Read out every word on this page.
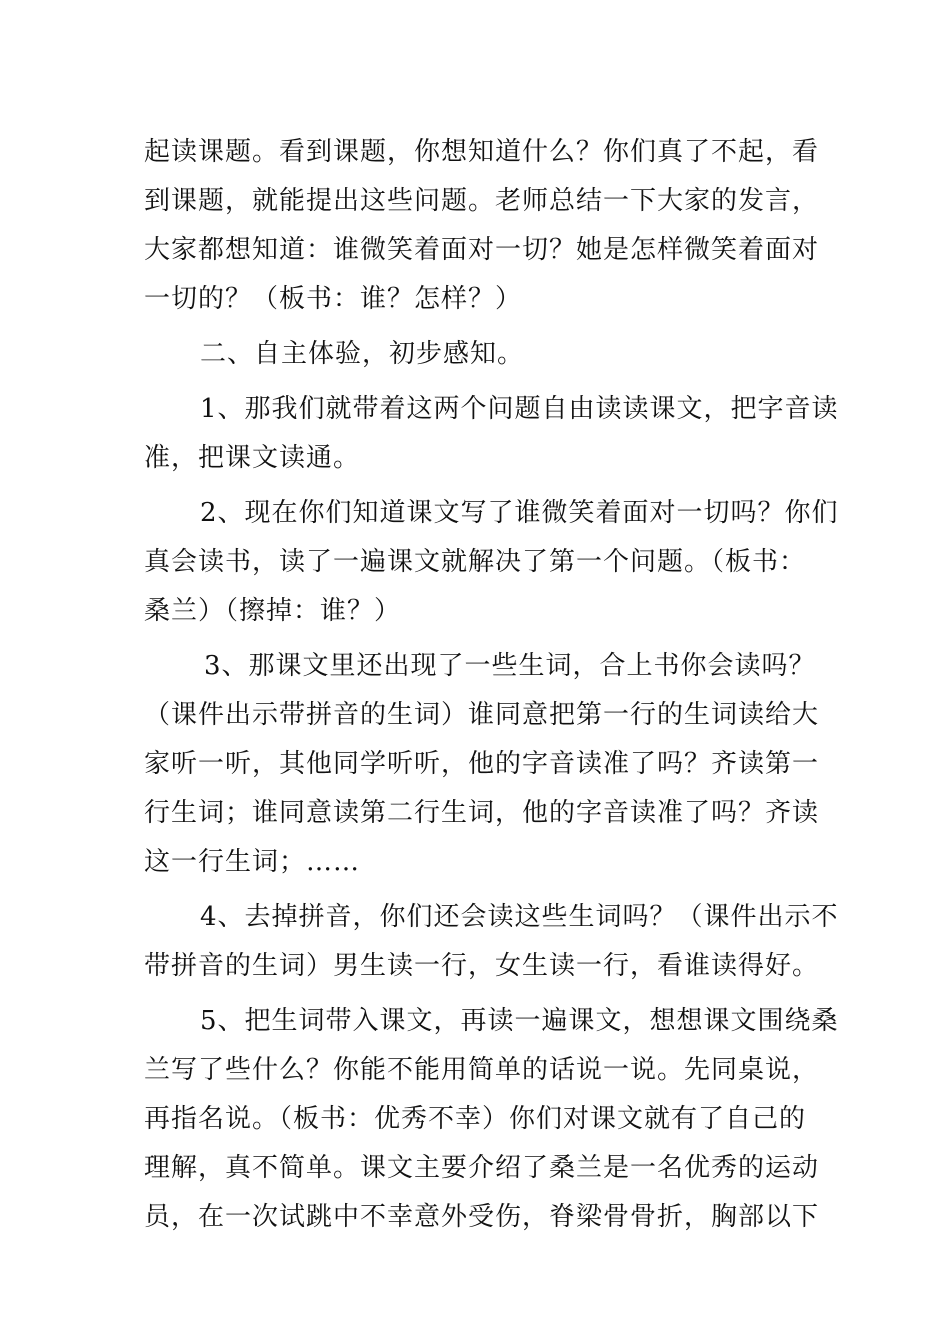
起读课题。看到课题，你想知道什么？你们真了不起，看
到课题，就能提出这些问题。老师总结一下大家的发言，
大家都想知道：谁微笑着面对一切？她是怎样微笑着面对
一切的？（板书：谁？怎样？）
二、自主体验，初步感知。
1、那我们就带着这两个问题自由读读课文，把字音读
准，把课文读通。
2、现在你们知道课文写了谁微笑着面对一切吗？你们
真会读书，读了一遍课文就解决了第一个问题。（板书：
桑兰）（擦掉：谁？）
3、那课文里还出现了一些生词，合上书你会读吗？
（课件出示带拼音的生词）谁同意把第一行的生词读给大
家听一听，其他同学听听，他的字音读准了吗？齐读第一
行生词；谁同意读第二行生词，他的字音读准了吗？齐读
这一行生词；……
4、去掉拼音，你们还会读这些生词吗？（课件出示不
带拼音的生词）男生读一行，女生读一行，看谁读得好。
5、把生词带入课文，再读一遍课文，想想课文围绕桑
兰写了些什么？你能不能用简单的话说一说。先同桌说，
再指名说。（板书：优秀不幸）你们对课文就有了自己的
理解，真不简单。课文主要介绍了桑兰是一名优秀的运动
员，在一次试跳中不幸意外受伤，脊梁骨骨折，胸部以下
